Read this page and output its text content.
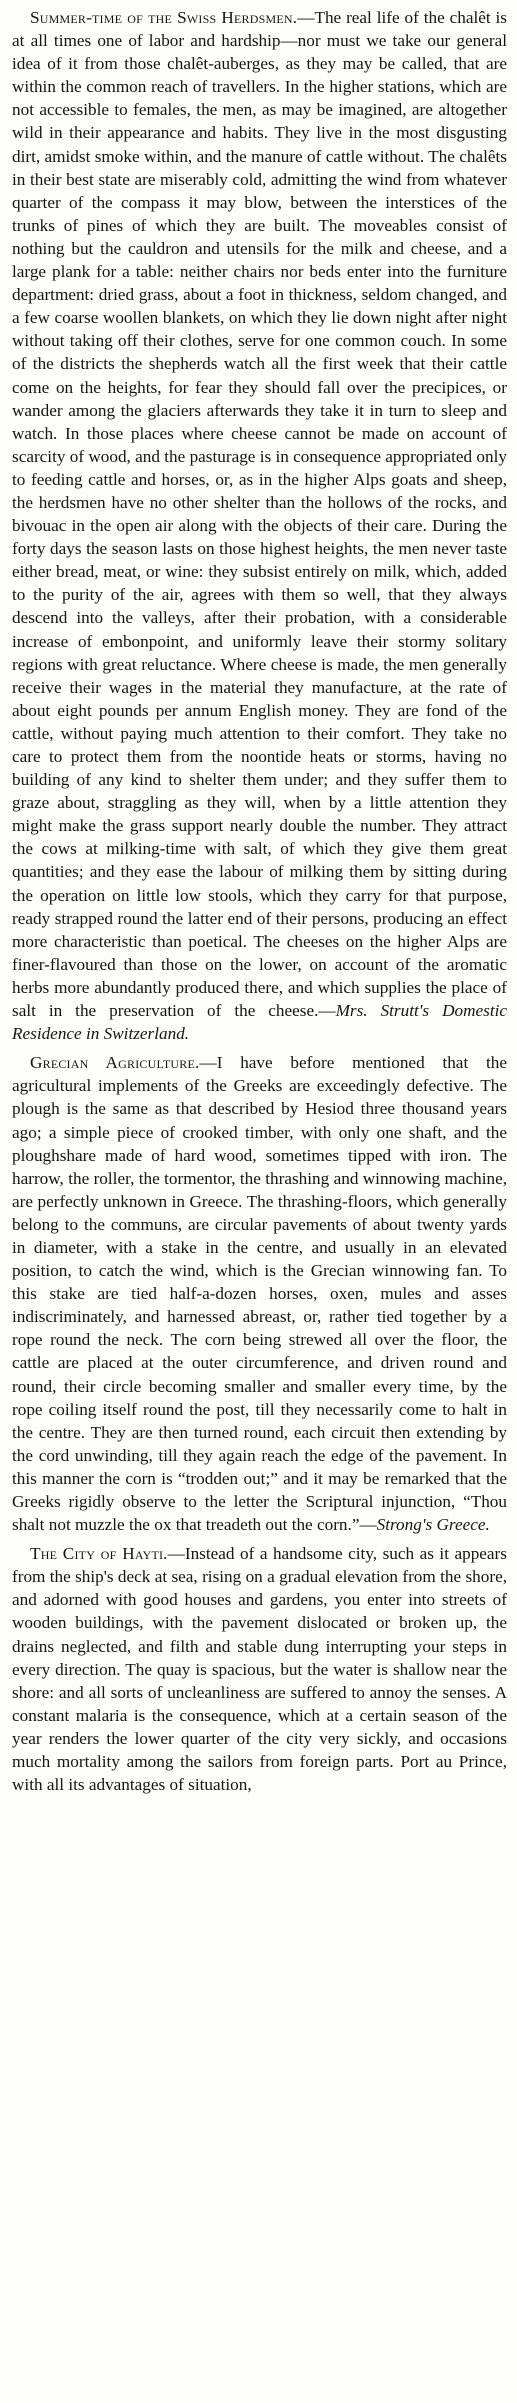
Summer-time of the Swiss Herdsmen.—The real life of the chalêt is at all times one of labor and hardship—nor must we take our general idea of it from those chalêt-auberges, as they may be called, that are within the common reach of travellers. In the higher stations, which are not accessible to females, the men, as may be imagined, are altogether wild in their appearance and habits. They live in the most disgusting dirt, amidst smoke within, and the manure of cattle without. The chalêts in their best state are miserably cold, admitting the wind from whatever quarter of the compass it may blow, between the interstices of the trunks of pines of which they are built. The moveables consist of nothing but the cauldron and utensils for the milk and cheese, and a large plank for a table: neither chairs nor beds enter into the furniture department: dried grass, about a foot in thickness, seldom changed, and a few coarse woollen blankets, on which they lie down night after night without taking off their clothes, serve for one common couch. In some of the districts the shepherds watch all the first week that their cattle come on the heights, for fear they should fall over the precipices, or wander among the glaciers afterwards they take it in turn to sleep and watch. In those places where cheese cannot be made on account of scarcity of wood, and the pasturage is in consequence appropriated only to feeding cattle and horses, or, as in the higher Alps goats and sheep, the herdsmen have no other shelter than the hollows of the rocks, and bivouac in the open air along with the objects of their care. During the forty days the season lasts on those highest heights, the men never taste either bread, meat, or wine: they subsist entirely on milk, which, added to the purity of the air, agrees with them so well, that they always descend into the valleys, after their probation, with a considerable increase of embonpoint, and uniformly leave their stormy solitary regions with great reluctance. Where cheese is made, the men generally receive their wages in the material they manufacture, at the rate of about eight pounds per annum English money. They are fond of the cattle, without paying much attention to their comfort. They take no care to protect them from the noontide heats or storms, having no building of any kind to shelter them under; and they suffer them to graze about, straggling as they will, when by a little attention they might make the grass support nearly double the number. They attract the cows at milking-time with salt, of which they give them great quantities; and they ease the labour of milking them by sitting during the operation on little low stools, which they carry for that purpose, ready strapped round the latter end of their persons, producing an effect more characteristic than poetical. The cheeses on the higher Alps are finer-flavoured than those on the lower, on account of the aromatic herbs more abundantly produced there, and which supplies the place of salt in the preservation of the cheese.—Mrs. Strutt's Domestic Residence in Switzerland.

Grecian Agriculture.—I have before mentioned that the agricultural implements of the Greeks are exceedingly defective. The plough is the same as that described by Hesiod three thousand years ago; a simple piece of crooked timber, with only one shaft, and the ploughshare made of hard wood, sometimes tipped with iron. The harrow, the roller, the tormentor, the thrashing and winnowing machine, are perfectly unknown in Greece. The thrashing-floors, which generally belong to the communs, are circular pavements of about twenty yards in diameter, with a stake in the centre, and usually in an elevated position, to catch the wind, which is the Grecian winnowing fan. To this stake are tied half-a-dozen horses, oxen, mules and asses indiscriminately, and harnessed abreast, or, rather tied together by a rope round the neck. The corn being strewed all over the floor, the cattle are placed at the outer circumference, and driven round and round, their circle becoming smaller and smaller every time, by the rope coiling itself round the post, till they necessarily come to halt in the centre. They are then turned round, each circuit then extending by the cord unwinding, till they again reach the edge of the pavement. In this manner the corn is “trodden out;” and it may be remarked that the Greeks rigidly observe to the letter the Scriptural injunction, “Thou shalt not muzzle the ox that treadeth out the corn.”—Strong's Greece.

The City of Hayti.—Instead of a handsome city, such as it appears from the ship's deck at sea, rising on a gradual elevation from the shore, and adorned with good houses and gardens, you enter into streets of wooden buildings, with the pavement dislocated or broken up, the drains neglected, and filth and stable dung interrupting your steps in every direction. The quay is spacious, but the water is shallow near the shore: and all sorts of uncleanliness are suffered to annoy the senses. A constant malaria is the consequence, which at a certain season of the year renders the lower quarter of the city very sickly, and occasions much mortality among the sailors from foreign parts. Port au Prince, with all its advantages of situation,
